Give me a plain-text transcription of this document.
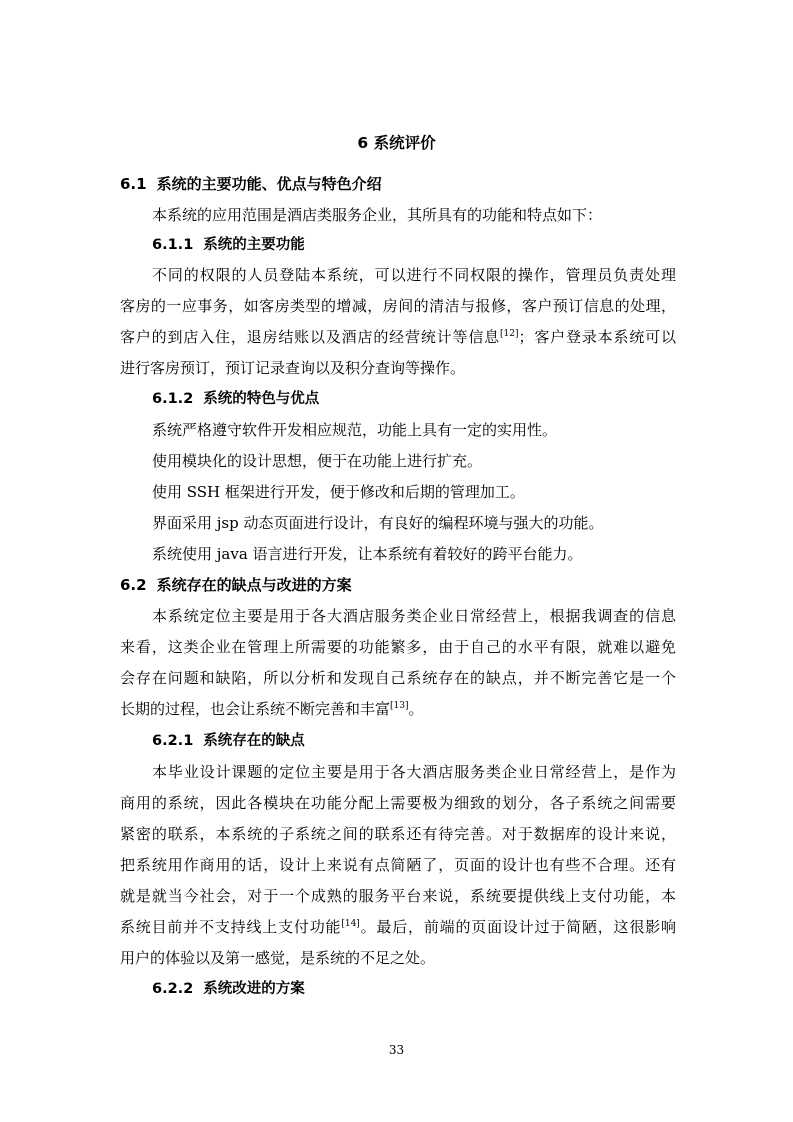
6 系统评价
6.1 系统的主要功能、优点与特色介绍
本系统的应用范围是酒店类服务企业，其所具有的功能和特点如下：
6.1.1 系统的主要功能
不同的权限的人员登陆本系统，可以进行不同权限的操作，管理员负责处理
客房的一应事务，如客房类型的增减，房间的清洁与报修，客户预订信息的处理，
客户的到店入住，退房结账以及酒店的经营统计等信息[12]；客户登录本系统可以
进行客房预订，预订记录查询以及积分查询等操作。
6.1.2 系统的特色与优点
系统严格遵守软件开发相应规范，功能上具有一定的实用性。
使用模块化的设计思想，便于在功能上进行扩充。
使用 SSH 框架进行开发，便于修改和后期的管理加工。
界面采用 jsp 动态页面进行设计，有良好的编程环境与强大的功能。
系统使用 java 语言进行开发，让本系统有着较好的跨平台能力。
6.2 系统存在的缺点与改进的方案
本系统定位主要是用于各大酒店服务类企业日常经营上，根据我调查的信息
来看，这类企业在管理上所需要的功能繁多，由于自己的水平有限，就难以避免
会存在问题和缺陷，所以分析和发现自己系统存在的缺点，并不断完善它是一个
长期的过程，也会让系统不断完善和丰富[13]。
6.2.1 系统存在的缺点
本毕业设计课题的定位主要是用于各大酒店服务类企业日常经营上，是作为
商用的系统，因此各模块在功能分配上需要极为细致的划分，各子系统之间需要
紧密的联系，本系统的子系统之间的联系还有待完善。对于数据库的设计来说，
把系统用作商用的话，设计上来说有点简陋了，页面的设计也有些不合理。还有
就是就当今社会，对于一个成熟的服务平台来说，系统要提供线上支付功能，本
系统目前并不支持线上支付功能[14]。最后，前端的页面设计过于简陋，这很影响
用户的体验以及第一感觉，是系统的不足之处。
6.2.2 系统改进的方案
33
